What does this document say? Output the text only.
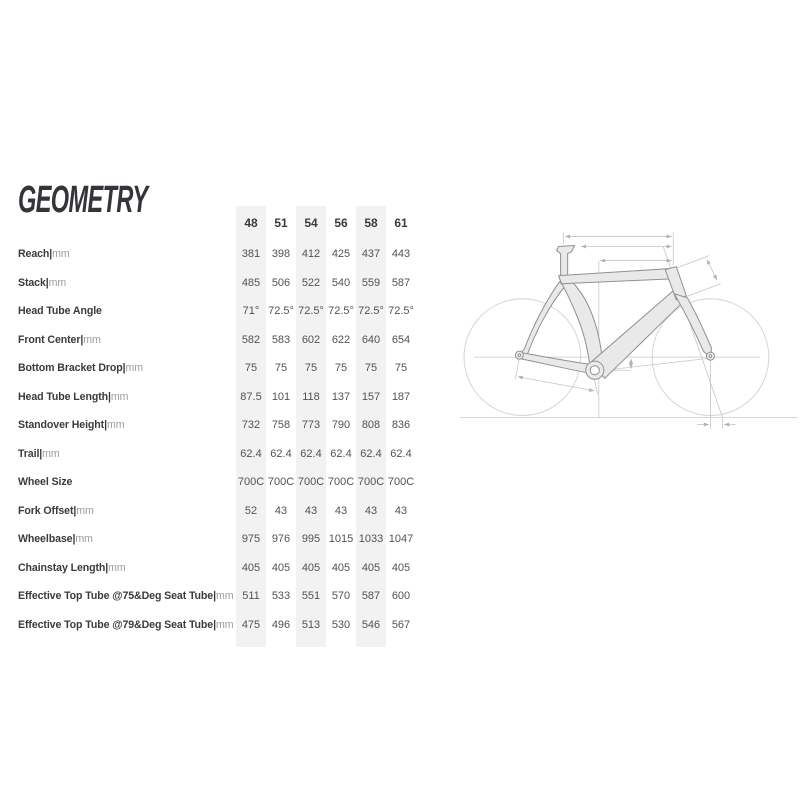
GEOMETRY
48	51	54	56	58	61
Reach | mm	381	398	412	425	437	443
Stack | mm	485	506	522	540	559	587
Head Tube Angle	71° 72.5° 72.5° 72.5° 72.5° 72.5°
Front Center | mm	582	583	602	622	640	654
Bottom Bracket Drop | mm	75	75	75	75	75	75
Head Tube Length | mm	87.5 101	118	137	157	187
Standover Height | mm	732	758	773	790	808	836
Trail | mm	62.4 62.4 62.4 62.4 62.4 62.4
Wheel Size	700C 700C 700C 700C 700C 700C
Fork Offset | mm	52	43	43	43	43	43
Wheelbase | mm	975	976	995 1015 1033 1047
Chainstay Length | mm	405	405	405	405	405	405
Effective Top Tube @75&Deg Seat Tube | mm 511	533	551	570	587	600
Effective Top Tube @79&Deg Seat Tube | mm 475	496	513	530	546	567
